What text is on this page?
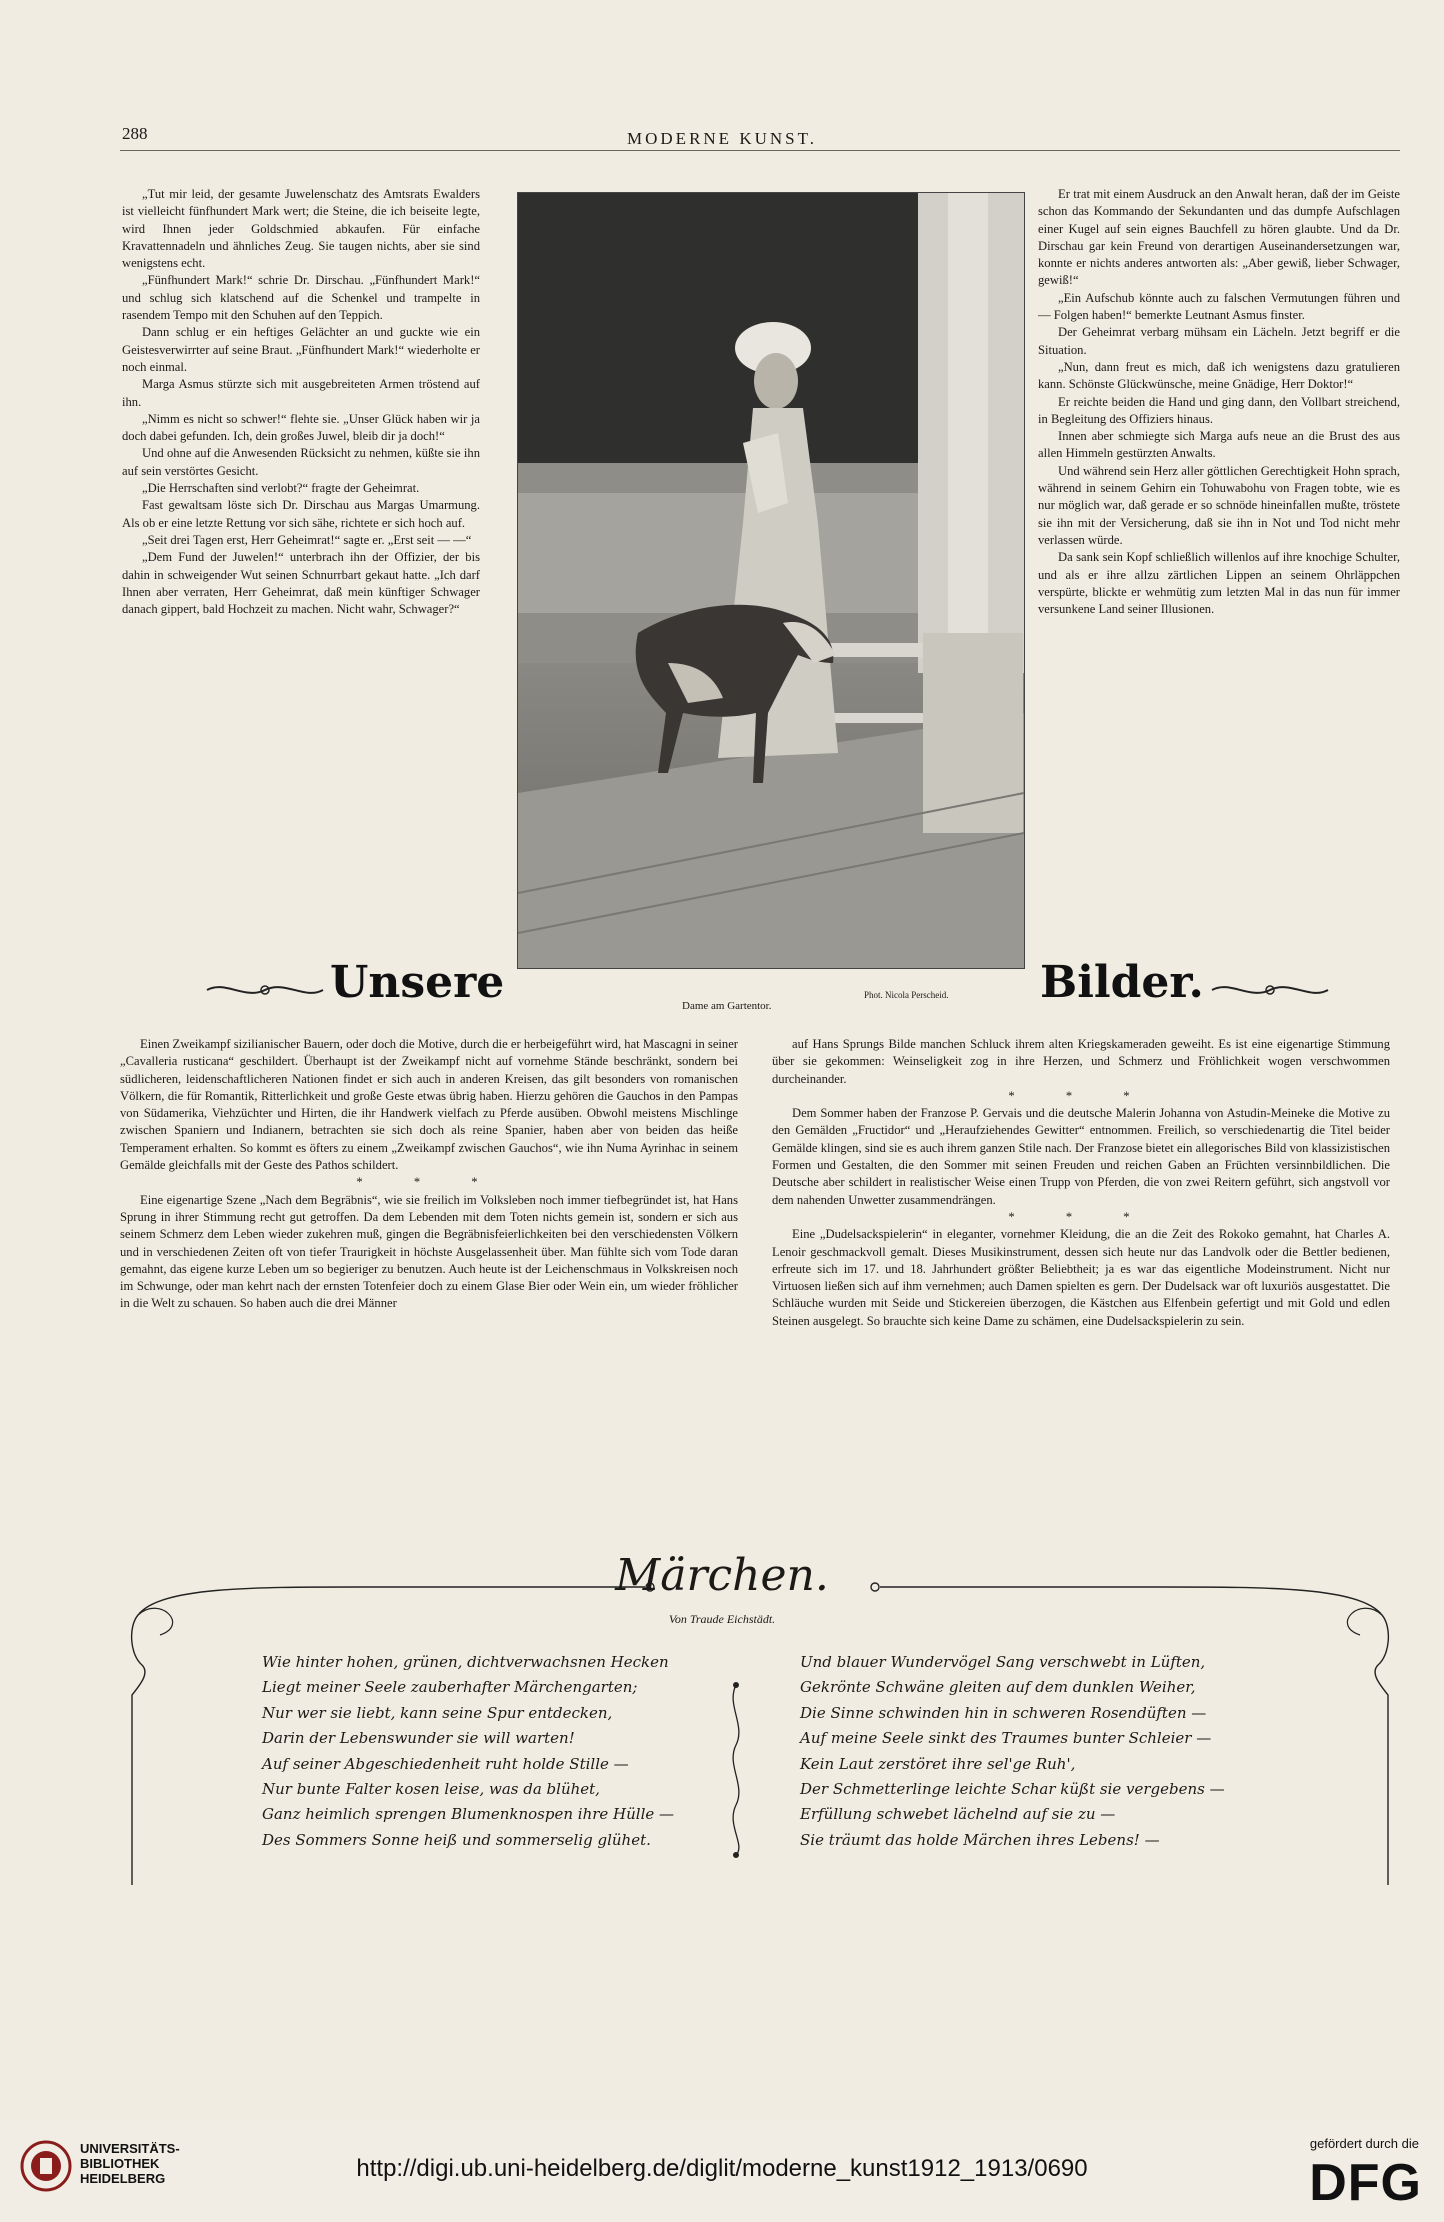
288	MODERNE KUNST.

„Tut mir leid, der gesamte Juwelenschatz des Amtsrats Ewalders ist vielleicht fünfhundert Mark wert; die Steine, die ich beiseite legte, wird Ihnen jeder Goldschmied abkaufen. Für einfache Kravattennadeln und ähnliches Zeug. Sie taugen nichts, aber sie sind wenigstens echt.

„Fünfhundert Mark!“ schrie Dr. Dirschau. „Fünfhundert Mark!“ und schlug sich klatschend auf die Schenkel und trampelte in rasendem Tempo mit den Schuhen auf den Teppich.

Dann schlug er ein heftiges Gelächter an und guckte wie ein Geistesverwirrter auf seine Braut. „Fünfhundert Mark!“ wiederholte er noch einmal.

Marga Asmus stürzte sich mit ausgebreiteten Armen tröstend auf ihn.

„Nimm es nicht so schwer!“ flehte sie. „Unser Glück haben wir ja doch dabei gefunden. Ich, dein großes Juwel, bleib dir ja doch!“

Und ohne auf die Anwesenden Rücksicht zu nehmen, küßte sie ihn auf sein verstörtes Gesicht.

„Die Herrschaften sind verlobt?“ fragte der Geheimrat.

Fast gewaltsam löste sich Dr. Dirschau aus Margas Umarmung. Als ob er eine letzte Rettung vor sich sähe, richtete er sich hoch auf.

„Seit drei Tagen erst, Herr Geheimrat!“ sagte er. „Erst seit — —“

„Dem Fund der Juwelen!“ unterbrach ihn der Offizier, der bis dahin in schweigender Wut seinen Schnurrbart gekaut hatte. „Ich darf Ihnen aber verraten, Herr Geheimrat, daß mein künftiger Schwager danach gippert, bald Hochzeit zu machen. Nicht wahr, Schwager?“

Dame am Gartentor.
Phot. Nicola Perscheid.

Er trat mit einem Ausdruck an den Anwalt heran, daß der im Geiste schon das Kommando der Sekundanten und das dumpfe Aufschlagen einer Kugel auf sein eignes Bauchfell zu hören glaubte. Und da Dr. Dirschau gar kein Freund von derartigen Auseinandersetzungen war, konnte er nichts anderes antworten als: „Aber gewiß, lieber Schwager, gewiß!“

„Ein Aufschub könnte auch zu falschen Vermutungen führen und — Folgen haben!“ bemerkte Leutnant Asmus finster.

Der Geheimrat verbarg mühsam ein Lächeln. Jetzt begriff er die Situation.

„Nun, dann freut es mich, daß ich wenigstens dazu gratulieren kann. Schönste Glückwünsche, meine Gnädige, Herr Doktor!“

Er reichte beiden die Hand und ging dann, den Vollbart streichend, in Begleitung des Offiziers hinaus.

Innen aber schmiegte sich Marga aufs neue an die Brust des aus allen Himmeln gestürzten Anwalts.

Und während sein Herz aller göttlichen Gerechtigkeit Hohn sprach, während in seinem Gehirn ein Tohuwabohu von Fragen tobte, wie es nur möglich war, daß gerade er so schnöde hineinfallen mußte, tröstete sie ihn mit der Versicherung, daß sie ihn in Not und Tod nicht mehr verlassen würde.

Da sank sein Kopf schließlich willenlos auf ihre knochige Schulter, und als er ihre allzu zärtlichen Lippen an seinem Ohrläppchen verspürte, blickte er wehmütig zum letzten Mal in das nun für immer versunkene Land seiner Illusionen.

Unsere	Bilder.

Einen Zweikampf sizilianischer Bauern, oder doch die Motive, durch die er herbeigeführt wird, hat Mascagni in seiner „Cavalleria rusticana“ geschildert. Überhaupt ist der Zweikampf nicht auf vornehme Stände beschränkt, sondern bei südlicheren, leidenschaftlicheren Nationen findet er sich auch in anderen Kreisen, das gilt besonders von romanischen Völkern, die für Romantik, Ritterlichkeit und große Geste etwas übrig haben. Hierzu gehören die Gauchos in den Pampas von Südamerika, Viehzüchter und Hirten, die ihr Handwerk vielfach zu Pferde ausüben. Obwohl meistens Mischlinge zwischen Spaniern und Indianern, betrachten sie sich doch als reine Spanier, haben aber von beiden das heiße Temperament erhalten. So kommt es öfters zu einem „Zweikampf zwischen Gauchos“, wie ihn Numa Ayrinhac in seinem Gemälde gleichfalls mit der Geste des Pathos schildert.

* * *

Eine eigenartige Szene „Nach dem Begräbnis“, wie sie freilich im Volksleben noch immer tiefbegründet ist, hat Hans Sprung in ihrer Stimmung recht gut getroffen. Da dem Lebenden mit dem Toten nichts gemein ist, sondern er sich aus seinem Schmerz dem Leben wieder zukehren muß, gingen die Begräbnisfeierlichkeiten bei den verschiedensten Völkern und in verschiedenen Zeiten oft von tiefer Traurigkeit in höchste Ausgelassenheit über. Man fühlte sich vom Tode daran gemahnt, das eigene kurze Leben um so begieriger zu benutzen. Auch heute ist der Leichenschmaus in Volkskreisen noch im Schwunge, oder man kehrt nach der ernsten Totenfeier doch zu einem Glase Bier oder Wein ein, um wieder fröhlicher in die Welt zu schauen. So haben auch die drei Männer

auf Hans Sprungs Bilde manchen Schluck ihrem alten Kriegskameraden geweiht. Es ist eine eigenartige Stimmung über sie gekommen: Weinseligkeit zog in ihre Herzen, und Schmerz und Fröhlichkeit wogen verschwommen durcheinander.

* * *

Dem Sommer haben der Franzose P. Gervais und die deutsche Malerin Johanna von Astudin-Meineke die Motive zu den Gemälden „Fructidor“ und „Heraufziehendes Gewitter“ entnommen. Freilich, so verschiedenartig die Titel beider Gemälde klingen, sind sie es auch ihrem ganzen Stile nach. Der Franzose bietet ein allegorisches Bild von klassizistischen Formen und Gestalten, die den Sommer mit seinen Freuden und reichen Gaben an Früchten versinnbildlichen. Die Deutsche aber schildert in realistischer Weise einen Trupp von Pferden, die von zwei Reitern geführt, sich angstvoll vor dem nahenden Unwetter zusammendrängen.

* * *

Eine „Dudelsackspielerin“ in eleganter, vornehmer Kleidung, die an die Zeit des Rokoko gemahnt, hat Charles A. Lenoir geschmackvoll gemalt. Dieses Musikinstrument, dessen sich heute nur das Landvolk oder die Bettler bedienen, erfreute sich im 17. und 18. Jahrhundert größter Beliebtheit; ja es war das eigentliche Modeinstrument. Nicht nur Virtuosen ließen sich auf ihm vernehmen; auch Damen spielten es gern. Der Dudelsack war oft luxuriös ausgestattet. Die Schläuche wurden mit Seide und Stickereien überzogen, die Kästchen aus Elfenbein gefertigt und mit Gold und edlen Steinen ausgelegt. So brauchte sich keine Dame zu schämen, eine Dudelsackspielerin zu sein.

Märchen.
Von Traude Eichstädt.
Wie hinter hohen, grünen, dichtverwachsnen Hecken
Liegt meiner Seele zauberhafter Märchengarten;
Nur wer sie liebt, kann seine Spur entdecken,
Darin der Lebenswunder sie will warten!
Auf seiner Abgeschiedenheit ruht holde Stille —
Nur bunte Falter kosen leise, was da blühet,
Ganz heimlich sprengen Blumenknospen ihre Hülle —
Des Sommers Sonne heiß und sommerselig glühet.
Und blauer Wundervögel Sang verschwebt in Lüften,
Gekrönte Schwäne gleiten auf dem dunklen Weiher,
Die Sinne schwinden hin in schweren Rosendüften —
Auf meine Seele sinkt des Traumes bunter Schleier —
Kein Laut zerstöret ihre sel'ge Ruh',
Der Schmetterlinge leichte Schar küßt sie vergebens —
Erfüllung schwebet lächelnd auf sie zu —
Sie träumt das holde Märchen ihres Lebens! —
UNIVERSITÄTS-
BIBLIOTHEK
HEIDELBERG	http://digi.ub.uni-heidelberg.de/diglit/moderne_kunst1912_1913/0690
gefördert durch die
DFG
